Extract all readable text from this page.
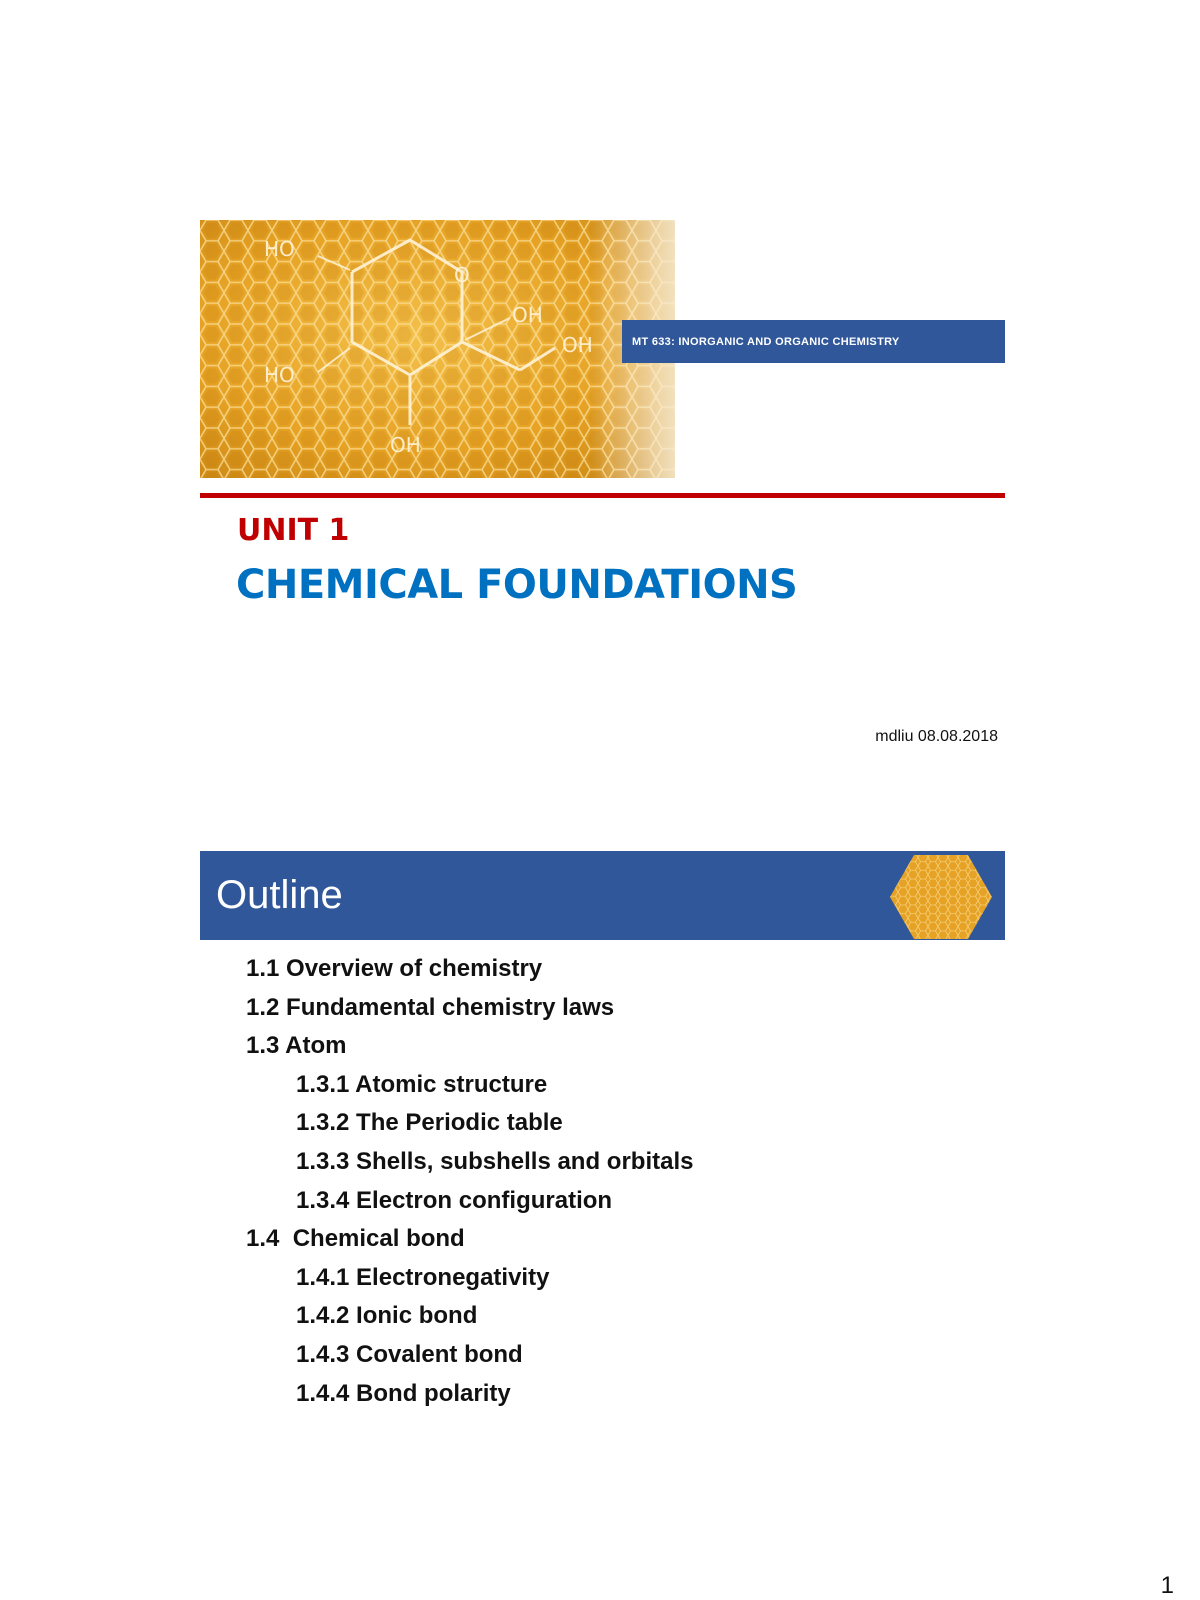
HO
O
OH
OH
HO
OH
MT 633: INORGANIC AND ORGANIC CHEMISTRY
UNIT 1
CHEMICAL FOUNDATIONS
mdliu 08.08.2018
Outline
1.1 Overview of chemistry
1.2 Fundamental chemistry laws
1.3 Atom
1.3.1 Atomic structure
1.3.2 The Periodic table
1.3.3 Shells, subshells and orbitals
1.3.4 Electron configuration
1.4  Chemical bond
1.4.1 Electronegativity
1.4.2 Ionic bond
1.4.3 Covalent bond
1.4.4 Bond polarity
1
